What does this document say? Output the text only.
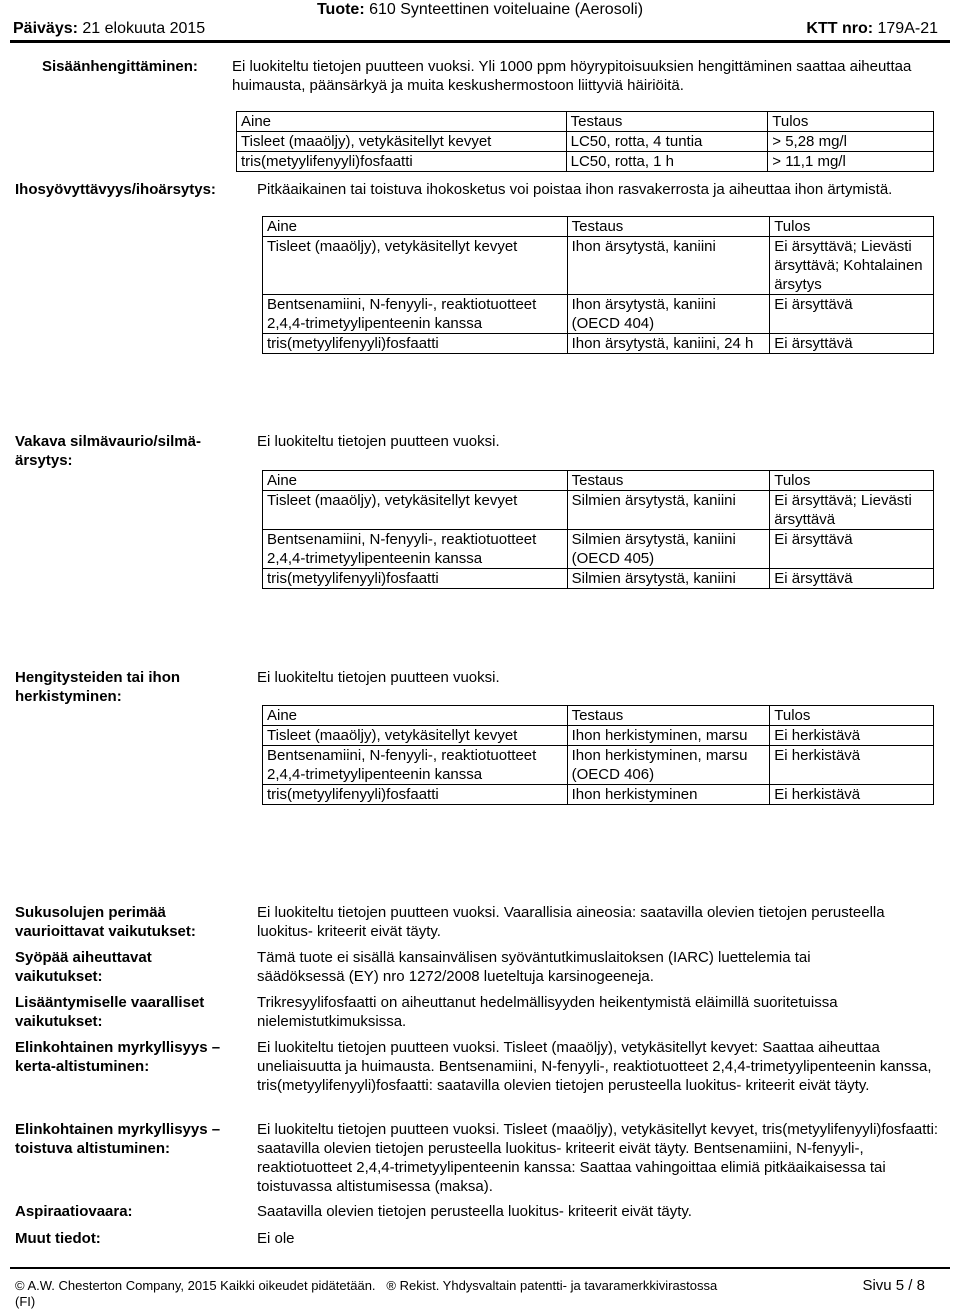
Tuote: 610 Synteettinen voiteluaine (Aerosoli)
Päiväys: 21 elokuuta 2015	KTT nro: 179A-21
Sisäänhengittäminen: Ei luokiteltu tietojen puutteen vuoksi. Yli 1000 ppm höyrypitoisuuksien hengittäminen saattaa aiheuttaa huimausta, päänsärkyä ja muita keskushermostoon liittyviä häiriöitä.
Aine	Testaus	Tulos
Tisleet (maaöljy), vetykäsitellyt kevyet	LC50, rotta, 4 tuntia	> 5,28 mg/l
tris(metyylifenyyli)fosfaatti	LC50, rotta, 1 h	> 11,1 mg/l
Ihosyövyttävyys/ihoärsytys:	Pitkäaikainen tai toistuva ihokosketus voi poistaa ihon rasvakerrosta ja aiheuttaa ihon ärtymistä.
Aine	Testaus	Tulos
Tisleet (maaöljy), vetykäsitellyt kevyet	Ihon ärsytystä, kaniini	Ei ärsyttävä; Lievästi ärsyttävä; Kohtalainen ärsytys
Bentsenamiini, N-fenyyli-, reaktiotuotteet 2,4,4-trimetyylipenteenin kanssa	Ihon ärsytystä, kaniini (OECD 404)	Ei ärsyttävä
tris(metyylifenyyli)fosfaatti	Ihon ärsytystä, kaniini, 24 h	Ei ärsyttävä
Vakava silmävaurio/silmä-
ärsytys:
Ei luokiteltu tietojen puutteen vuoksi.
Aine	Testaus	Tulos
Tisleet (maaöljy), vetykäsitellyt kevyet	Silmien ärsytystä, kaniini	Ei ärsyttävä; Lievästi ärsyttävä
Bentsenamiini, N-fenyyli-, reaktiotuotteet 2,4,4-trimetyylipenteenin kanssa	Silmien ärsytystä, kaniini (OECD 405)	Ei ärsyttävä
tris(metyylifenyyli)fosfaatti	Silmien ärsytystä, kaniini	Ei ärsyttävä
Hengitysteiden tai ihon
herkistyminen:
Ei luokiteltu tietojen puutteen vuoksi.
Aine	Testaus	Tulos
Tisleet (maaöljy), vetykäsitellyt kevyet	Ihon herkistyminen, marsu	Ei herkistävä
Bentsenamiini, N-fenyyli-, reaktiotuotteet 2,4,4-trimetyylipenteenin kanssa	Ihon herkistyminen, marsu (OECD 406)	Ei herkistävä
tris(metyylifenyyli)fosfaatti	Ihon herkistyminen	Ei herkistävä
Sukusolujen perimää
vaurioittavat vaikutukset:
Ei luokiteltu tietojen puutteen vuoksi. Vaarallisia aineosia: saatavilla olevien tietojen perusteella luokitus- kriteerit eivät täyty.
Syöpää aiheuttavat
vaikutukset:
Tämä tuote ei sisällä kansainvälisen syöväntutkimuslaitoksen (IARC) luettelemia tai säädöksessä (EY) nro 1272/2008 lueteltuja karsinogeeneja.
Lisääntymiselle vaaralliset
vaikutukset:
Trikresyylifosfaatti on aiheuttanut hedelmällisyyden heikentymistä eläimillä suoritetuissa nielemistutkimuksissa.
Elinkohtainen myrkyllisyys –
kerta-altistuminen:
Ei luokiteltu tietojen puutteen vuoksi. Tisleet (maaöljy), vetykäsitellyt kevyet: Saattaa aiheuttaa uneliaisuutta ja huimausta. Bentsenamiini, N-fenyyli-, reaktiotuotteet 2,4,4-trimetyylipenteenin kanssa, tris(metyylifenyyli)fosfaatti: saatavilla olevien tietojen perusteella luokitus- kriteerit eivät täyty.
Elinkohtainen myrkyllisyys –
toistuva altistuminen:
Ei luokiteltu tietojen puutteen vuoksi. Tisleet (maaöljy), vetykäsitellyt kevyet, tris(metyylifenyyli)fosfaatti: saatavilla olevien tietojen perusteella luokitus- kriteerit eivät täyty. Bentsenamiini, N-fenyyli-, reaktiotuotteet 2,4,4-trimetyylipenteenin kanssa: Saattaa vahingoittaa elimiä pitkäaikaisessa tai toistuvassa altistumisessa (maksa).
Aspiraatiovaara:	Saatavilla olevien tietojen perusteella luokitus- kriteerit eivät täyty.
Muut tiedot:	Ei ole
© A.W. Chesterton Company, 2015 Kaikki oikeudet pidätetään.   ® Rekist. Yhdysvaltain patentti- ja tavaramerkkivirastossa
(FI)
Sivu 5 / 8
